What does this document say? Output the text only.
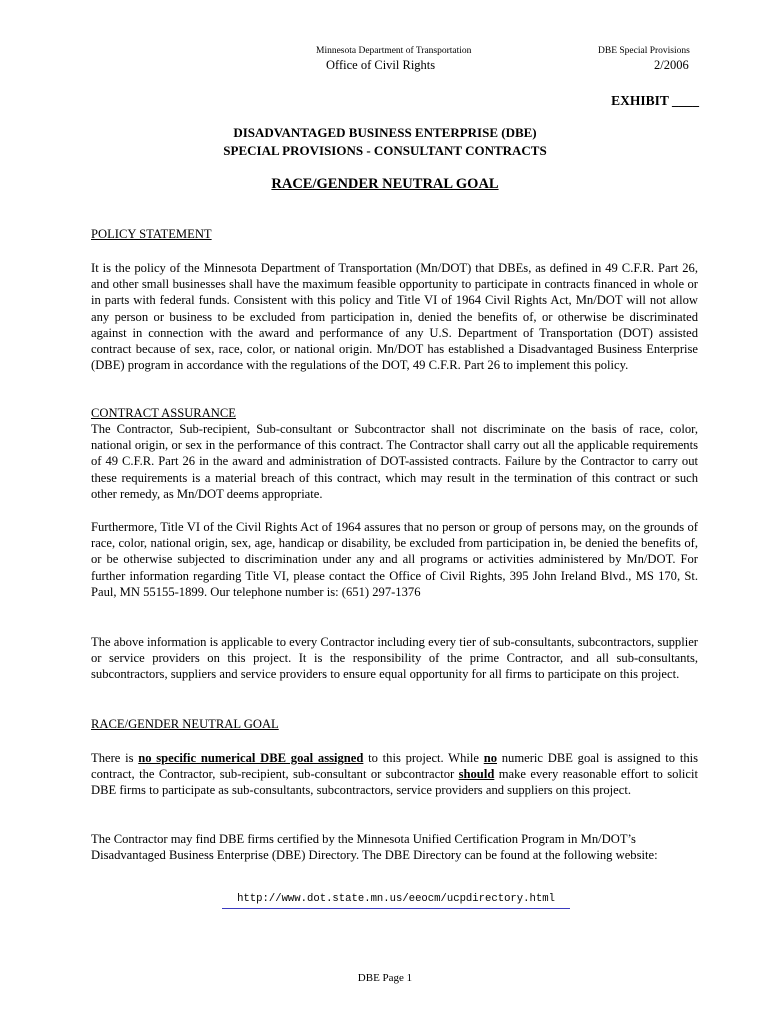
Minnesota Department of Transportation
Office of Civil Rights
DBE Special Provisions
2/2006
EXHIBIT ____
DISADVANTAGED BUSINESS ENTERPRISE (DBE)
SPECIAL PROVISIONS - CONSULTANT CONTRACTS
RACE/GENDER NEUTRAL GOAL
POLICY STATEMENT

It is the policy of the Minnesota Department of Transportation (Mn/DOT) that DBEs, as defined in 49 C.F.R. Part 26, and other small businesses shall have the maximum feasible opportunity to participate in contracts financed in whole or in parts with federal funds. Consistent with this policy and Title VI of 1964 Civil Rights Act, Mn/DOT will not allow any person or business to be excluded from participation in, denied the benefits of, or otherwise be discriminated against in connection with the award and performance of any U.S. Department of Transportation (DOT) assisted contract because of sex, race, color, or national origin. Mn/DOT has established a Disadvantaged Business Enterprise (DBE) program in accordance with the regulations of the DOT, 49 C.F.R. Part 26 to implement this policy.

CONTRACT ASSURANCE

The Contractor, Sub-recipient, Sub-consultant or Subcontractor shall not discriminate on the basis of race, color, national origin, or sex in the performance of this contract. The Contractor shall carry out all the applicable requirements of 49 C.F.R. Part 26 in the award and administration of DOT-assisted contracts. Failure by the Contractor to carry out these requirements is a material breach of this contract, which may result in the termination of this contract or such other remedy, as Mn/DOT deems appropriate.

Furthermore, Title VI of the Civil Rights Act of 1964 assures that no person or group of persons may, on the grounds of race, color, national origin, sex, age, handicap or disability, be excluded from participation in, be denied the benefits of, or be otherwise subjected to discrimination under any and all programs or activities administered by Mn/DOT. For further information regarding Title VI, please contact the Office of Civil Rights, 395 John Ireland Blvd., MS 170, St. Paul, MN 55155-1899. Our telephone number is: (651) 297-1376

The above information is applicable to every Contractor including every tier of sub-consultants, subcontractors, supplier or service providers on this project. It is the responsibility of the prime Contractor, and all sub-consultants, subcontractors, suppliers and service providers to ensure equal opportunity for all firms to participate on this project.

RACE/GENDER NEUTRAL GOAL

There is no specific numerical DBE goal assigned to this project. While no numeric DBE goal is assigned to this contract, the Contractor, sub-recipient, sub-consultant or subcontractor should make every reasonable effort to solicit DBE firms to participate as sub-consultants, subcontractors, service providers and suppliers on this project.

The Contractor may find DBE firms certified by the Minnesota Unified Certification Program in Mn/DOT’s Disadvantaged Business Enterprise (DBE) Directory. The DBE Directory can be found at the following website:

http://www.dot.state.mn.us/eeocm/ucpdirectory.html
DBE Page 1
